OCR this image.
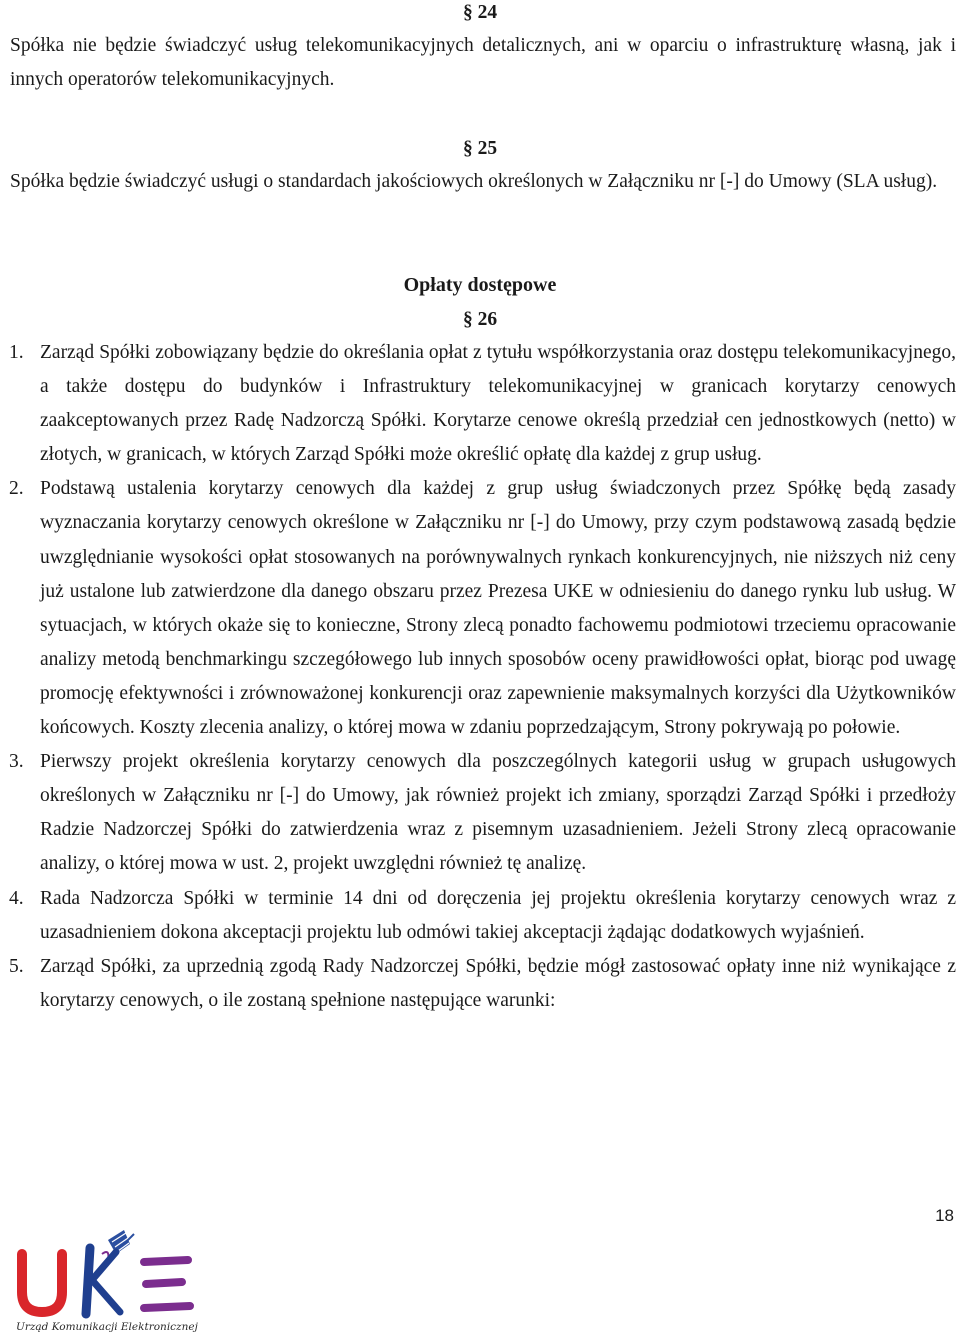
§ 24
Spółka nie będzie świadczyć usług telekomunikacyjnych detalicznych, ani w oparciu o infrastrukturę własną, jak i innych operatorów telekomunikacyjnych.
§ 25
Spółka będzie świadczyć usługi o standardach jakościowych określonych w Załączniku nr [-] do Umowy (SLA usług).
Opłaty dostępowe
§ 26
1. Zarząd Spółki zobowiązany będzie do określania opłat z tytułu współkorzystania oraz dostępu telekomunikacyjnego, a także dostępu do budynków i Infrastruktury telekomunikacyjnej w granicach korytarzy cenowych zaakceptowanych przez Radę Nadzorczą Spółki. Korytarze cenowe określą przedział cen jednostkowych (netto) w złotych, w granicach, w których Zarząd Spółki może określić opłatę dla każdej z grup usług.
2. Podstawą ustalenia korytarzy cenowych dla każdej z grup usług świadczonych przez Spółkę będą zasady wyznaczania korytarzy cenowych określone w Załączniku nr [-] do Umowy, przy czym podstawową zasadą będzie uwzględnianie wysokości opłat stosowanych na porównywalnych rynkach konkurencyjnych, nie niższych niż ceny już ustalone lub zatwierdzone dla danego obszaru przez Prezesa UKE w odniesieniu do danego rynku lub usług. W sytuacjach, w których okaże się to konieczne, Strony zlecą ponadto fachowemu podmiotowi trzeciemu opracowanie analizy metodą benchmarkingu szczegółowego lub innych sposobów oceny prawidłowości opłat, biorąc pod uwagę promocję efektywności i zrównoważonej konkurencji oraz zapewnienie maksymalnych korzyści dla Użytkowników końcowych. Koszty zlecenia analizy, o której mowa w zdaniu poprzedzającym, Strony pokrywają po połowie.
3. Pierwszy projekt określenia korytarzy cenowych dla poszczególnych kategorii usług w grupach usługowych określonych w Załączniku nr [-] do Umowy, jak również projekt ich zmiany, sporządzi Zarząd Spółki i przedłoży Radzie Nadzorczej Spółki do zatwierdzenia wraz z pisemnym uzasadnieniem. Jeżeli Strony zlecą opracowanie analizy, o której mowa w ust. 2, projekt uwzględni również tę analizę.
4. Rada Nadzorcza Spółki w terminie 14 dni od doręczenia jej projektu określenia korytarzy cenowych wraz z uzasadnieniem dokona akceptacji projektu lub odmówi takiej akceptacji żądając dodatkowych wyjaśnień.
5. Zarząd Spółki, za uprzednią zgodą Rady Nadzorczej Spółki, będzie mógł zastosować opłaty inne niż wynikające z korytarzy cenowych, o ile zostaną spełnione następujące warunki:
18
Urząd Komunikacji Elektronicznej
